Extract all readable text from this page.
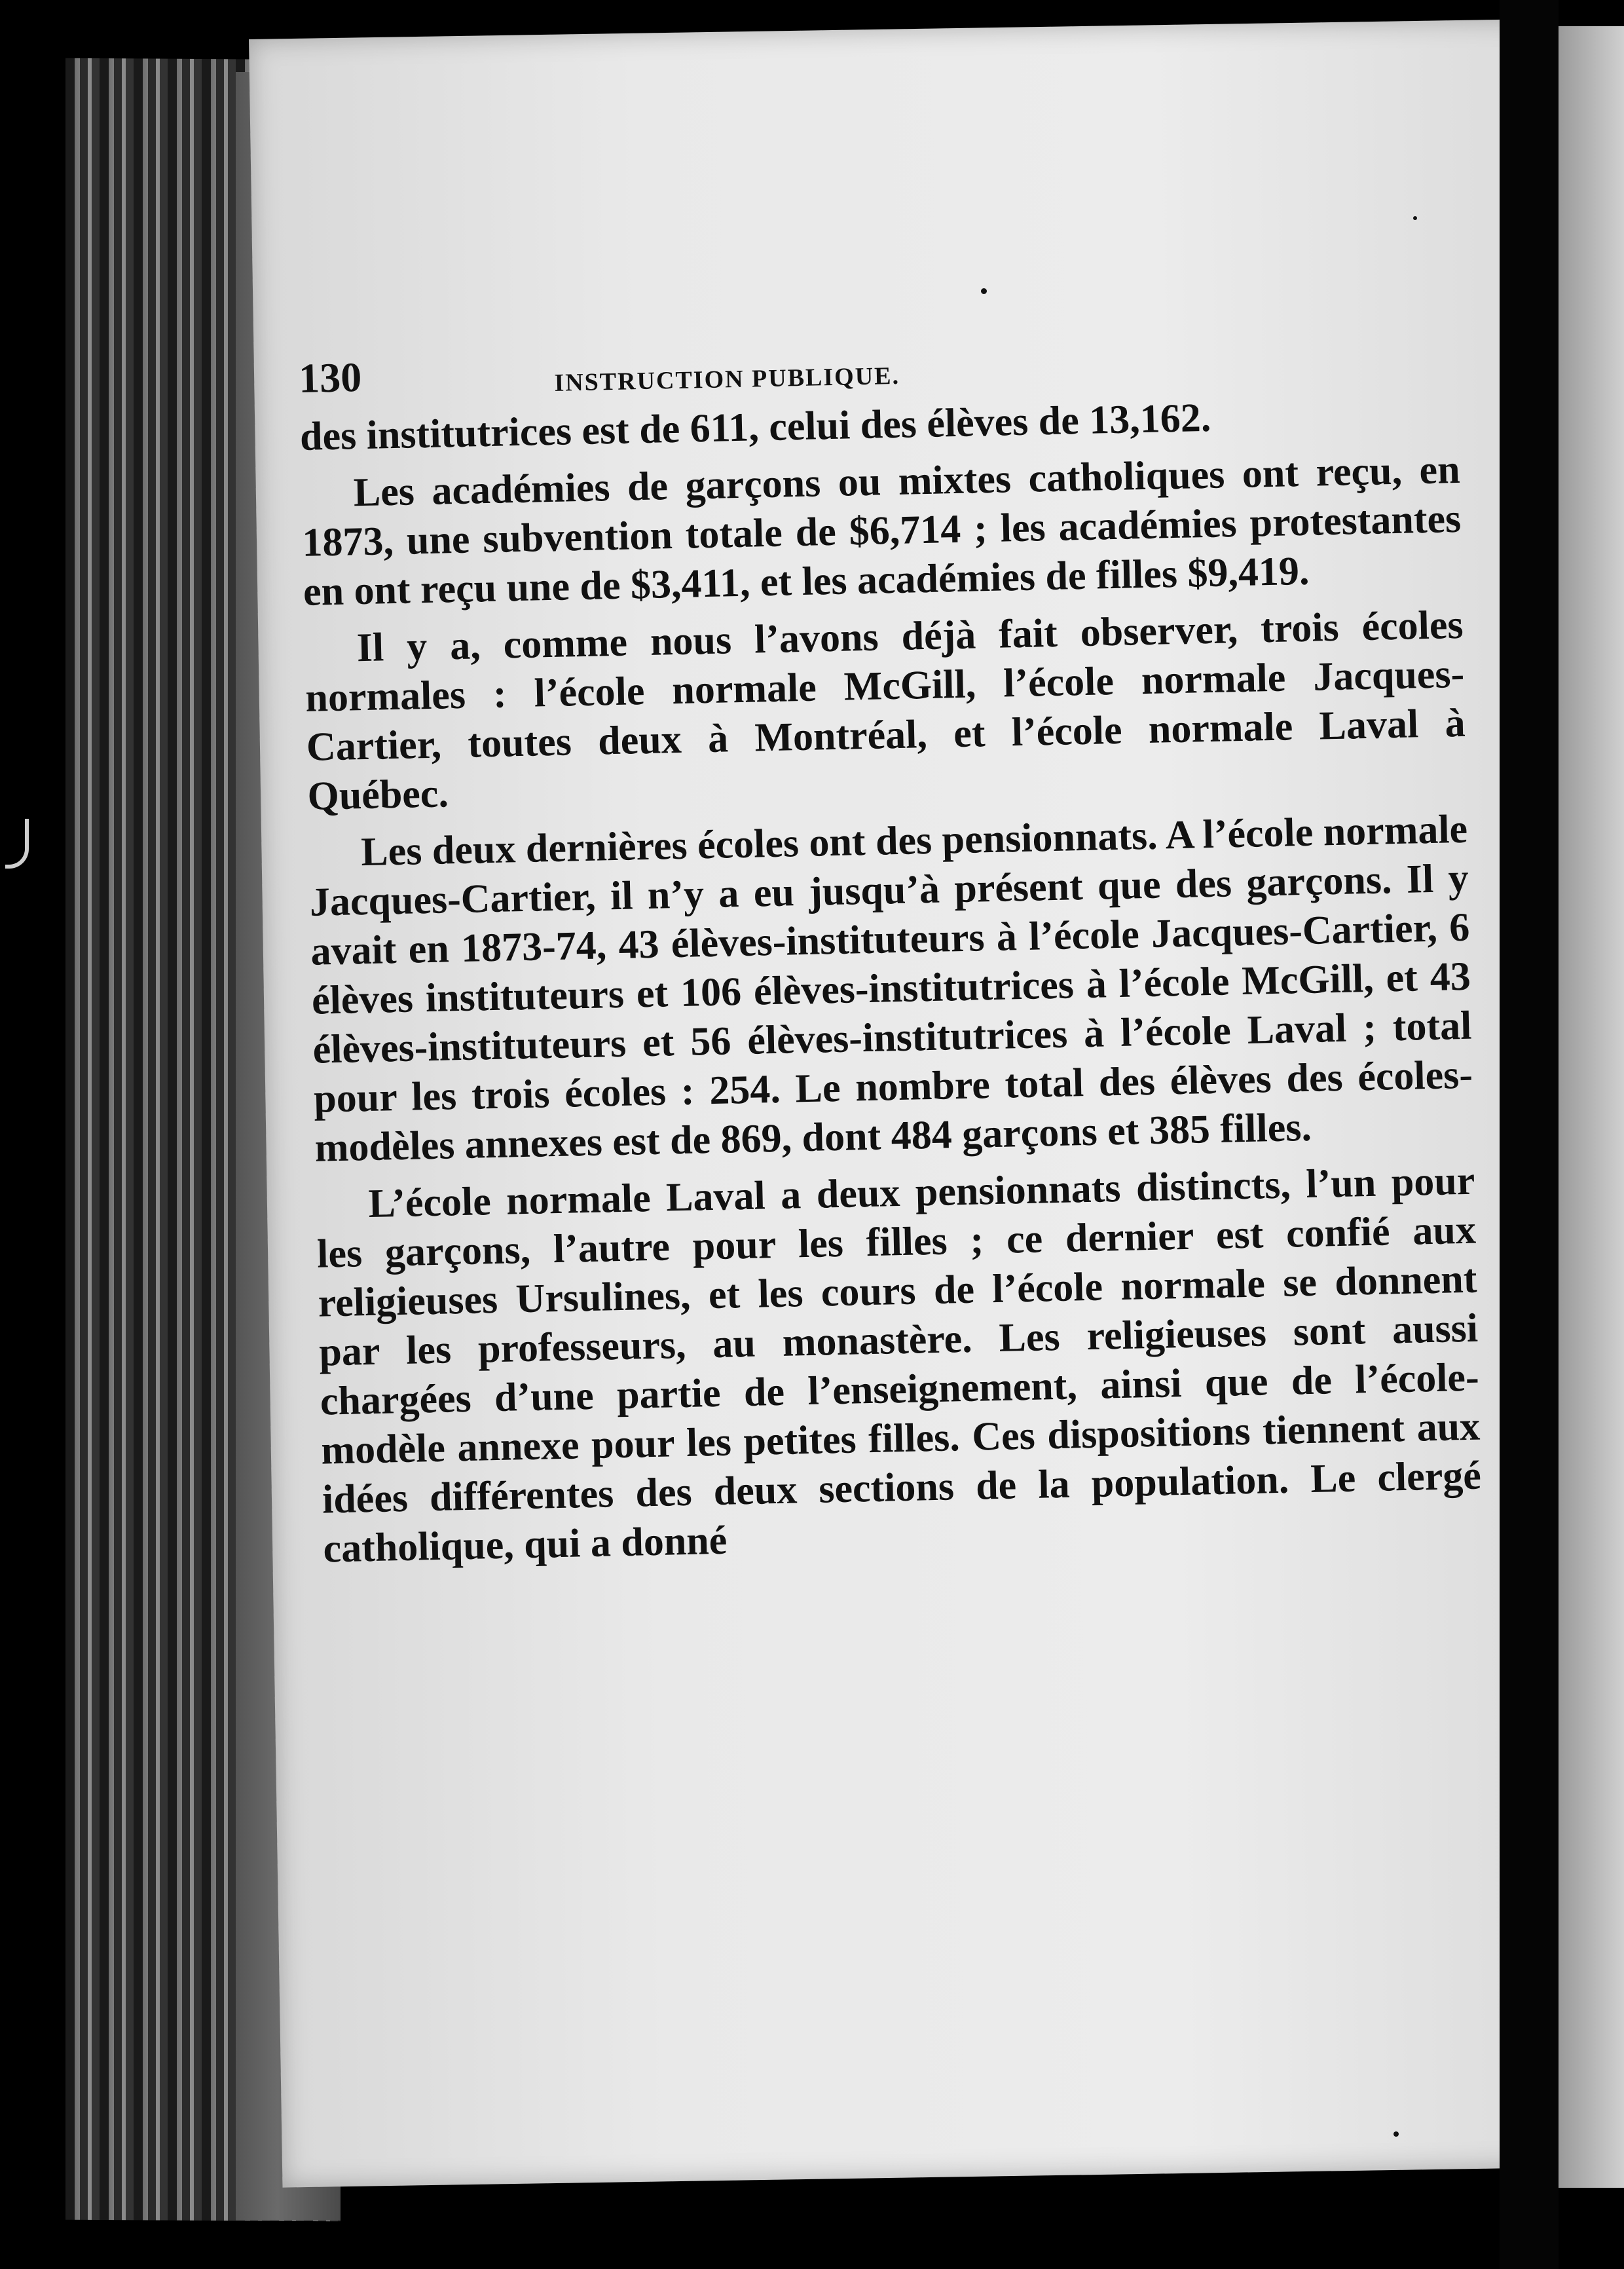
130	INSTRUCTION PUBLIQUE.

des institutrices est de 611, celui des élèves de 13,162.

Les académies de garçons ou mixtes catholiques ont reçu, en 1873, une subvention totale de $6,714 ; les académies protestantes en ont reçu une de $3,411, et les académies de filles $9,419.

Il y a, comme nous l’avons déjà fait observer, trois écoles normales : l’école normale McGill, l’école normale Jacques-Cartier, toutes deux à Montréal, et l’école normale Laval à Québec.

Les deux dernières écoles ont des pensionnats. A l’école normale Jacques-Cartier, il n’y a eu jusqu’à présent que des garçons. Il y avait en 1873-74, 43 élèves-instituteurs à l’école Jacques-Cartier, 6 élèves instituteurs et 106 élèves-institutrices à l’école McGill, et 43 élèves-instituteurs et 56 élèves-institutrices à l’école Laval ; total pour les trois écoles : 254. Le nombre total des élèves des écoles-modèles annexes est de 869, dont 484 garçons et 385 filles.

L’école normale Laval a deux pensionnats distincts, l’un pour les garçons, l’autre pour les filles ; ce dernier est confié aux religieuses Ursulines, et les cours de l’école normale se donnent par les professeurs, au monastère. Les religieuses sont aussi chargées d’une partie de l’enseignement, ainsi que de l’école-modèle annexe pour les petites filles. Ces dispositions tiennent aux idées différentes des deux sections de la population. Le clergé catholique, qui a donné
